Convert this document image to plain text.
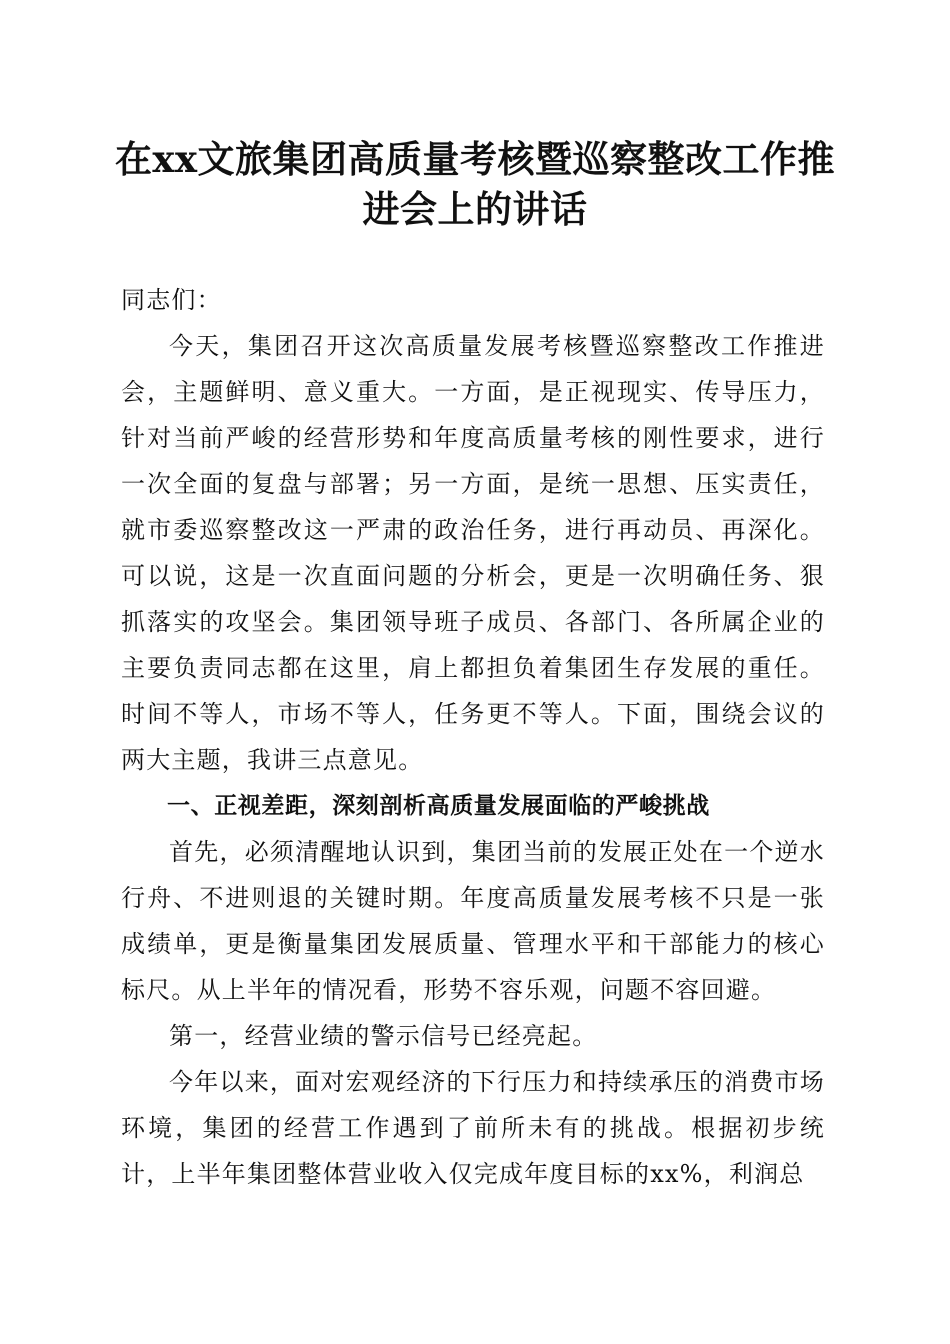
在xx文旅集团高质量考核暨巡察整改工作推
进会上的讲话

同志们：

今天，集团召开这次高质量发展考核暨巡察整改工作推进会，主题鲜明、意义重大。一方面，是正视现实、传导压力，针对当前严峻的经营形势和年度高质量考核的刚性要求，进行一次全面的复盘与部署；另一方面，是统一思想、压实责任，就市委巡察整改这一严肃的政治任务，进行再动员、再深化。可以说，这是一次直面问题的分析会，更是一次明确任务、狠抓落实的攻坚会。集团领导班子成员、各部门、各所属企业的主要负责同志都在这里，肩上都担负着集团生存发展的重任。时间不等人，市场不等人，任务更不等人。下面，围绕会议的两大主题，我讲三点意见。

一、正视差距，深刻剖析高质量发展面临的严峻挑战

首先，必须清醒地认识到，集团当前的发展正处在一个逆水行舟、不进则退的关键时期。年度高质量发展考核不只是一张成绩单，更是衡量集团发展质量、管理水平和干部能力的核心标尺。从上半年的情况看，形势不容乐观，问题不容回避。

第一，经营业绩的警示信号已经亮起。

今年以来，面对宏观经济的下行压力和持续承压的消费市场环境，集团的经营工作遇到了前所未有的挑战。根据初步统计，上半年集团整体营业收入仅完成年度目标的xx%，利润总
